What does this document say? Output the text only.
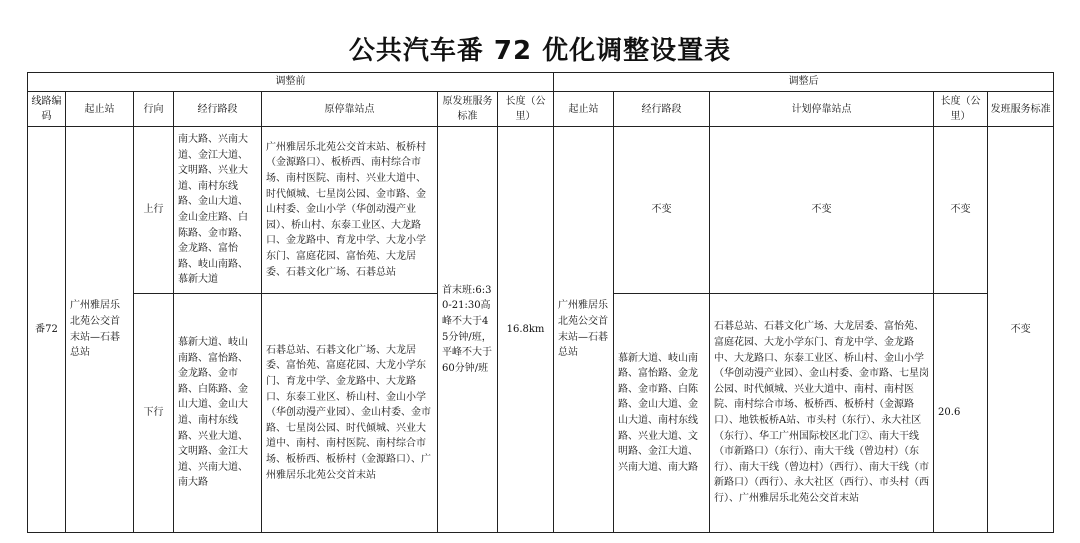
公共汽车番 72 优化调整设置表
调整前							调整后				
线路编码	起止站	行向	经行路段	原停靠站点	原发班服务标准	长度（公里）	起止站	经行路段	计划停靠站点	长度（公里）	发班服务标准
番72	广州雅居乐北苑公交首末站—石碁总站	上行	南大路、兴南大道、金江大道、文明路、兴业大道、南村东线路、金山大道、金山金庄路、白陈路、金市路、金龙路、富怡路、岐山南路、慕新大道	广州雅居乐北苑公交首末站、板桥村（金源路口）、板桥西、南村综合市场、南村医院、南村、兴业大道中、时代倾城、七星岗公园、金市路、金山村委、金山小学（华创动漫产业园）、桥山村、东泰工业区、大龙路口、金龙路中、育龙中学、大龙小学东门、富庭花园、富怡苑、大龙居委、石碁文化广场、石碁总站	首末班:6:30-21:30高峰不大于45分钟/班，平峰不大于60分钟/班	16.8km	广州雅居乐北苑公交首末站—石碁总站	不变	不变	不变	不变
		下行	慕新大道、岐山南路、富怡路、金龙路、金市路、白陈路、金山大道、金山大道、南村东线路、兴业大道、文明路、金江大道、兴南大道、南大路	石碁总站、石碁文化广场、大龙居委、富怡苑、富庭花园、大龙小学东门、育龙中学、金龙路中、大龙路口、东泰工业区、桥山村、金山小学（华创动漫产业园）、金山村委、金市路、七星岗公园、时代倾城、兴业大道中、南村、南村医院、南村综合市场、板桥西、板桥村（金源路口）、广州雅居乐北苑公交首末站				慕新大道、岐山南路、富怡路、金龙路、金市路、白陈路、金山大道、金山大道、南村东线路、兴业大道、文明路、金江大道、兴南大道、南大路	石碁总站、石碁文化广场、大龙居委、富怡苑、富庭花园、大龙小学东门、育龙中学、金龙路中、大龙路口、东泰工业区、桥山村、金山小学（华创动漫产业园）、金山村委、金市路、七星岗公园、时代倾城、兴业大道中、南村、南村医院、南村综合市场、板桥西、板桥村（金源路口）、地铁板桥A站、市头村（东行）、永大社区（东行）、华工广州国际校区北门②、南大干线（市新路口）（东行）、南大干线（曾边村）（东行）、南大干线（曾边村）（西行）、南大干线（市新路口）（西行）、永大社区（西行）、市头村（西行）、广州雅居乐北苑公交首末站	20.6	
